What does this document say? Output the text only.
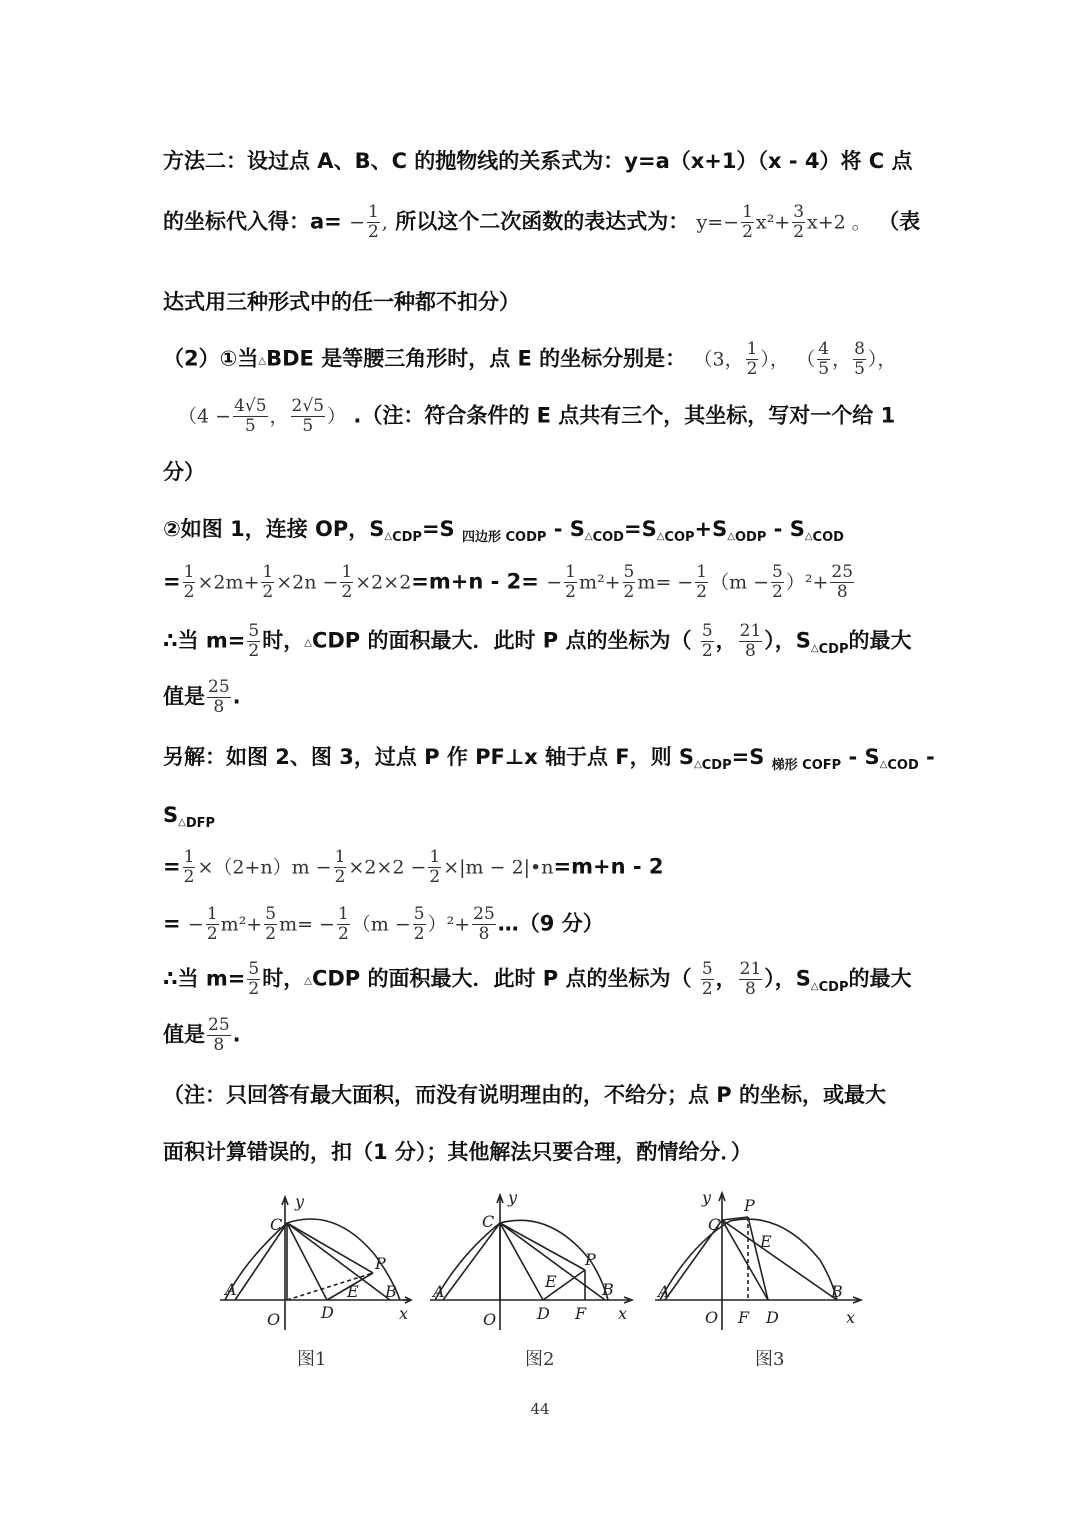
方法二：设过点 A、B、C 的抛物线的关系式为：y=a（x+1）（x - 4）将 C 点
的坐标代入得：$a= - \frac{1}{2}$ , 所以这个二次函数的表达式为： $y=- \frac{1}{2} x^2+ \frac{3}{2} x+2$ 。 （表
达式用三种形式中的任一种都不扣分）
（2）①当△BDE 是等腰三角形时，点 E 的坐标分别是： （3， $\frac{1}{2}$ ）， （ $\frac{4}{5}$ ， $\frac{8}{5}$ ），
（$4 - \frac{4√5}{5}$ ， $\frac{2√5}{5}$ ） .（注：符合条件的 E 点共有三个，其坐标，写对一个给 1
分）
②如图 1，连接 OP，$S_{\triangle CDP}=S$ $_{四边形 CODP} - S_{\triangle COD}=S_{\triangle COP}+S_{\triangle ODP} - S_{\triangle COD}$
= $\frac{1}{2} \times 2m+ \frac{1}{2} \times 2n - \frac{1}{2} \times 2\times 2=m+n - 2= - \frac{1}{2} m^2+ \frac{5}{2} m= - \frac{1}{2} (m - \frac{5}{2} )^2+ \frac{25}{8}$
∴当 $m= \frac{5}{2}$ 时，△CDP 的面积最大．此时 P 点的坐标为（ $\frac{5}{2}$ ， $\frac{21}{8}$ ），$S_{\triangle CDP}$的最大
值是 $\frac{25}{8}$ .
另解：如图 2、图 3，过点 P 作 PF⊥x 轴于点 F，则 $S_{\triangle CDP}=S$ $_{梯形 COFP} - S_{\triangle COD}$ -
$S_{\triangle DFP}$
= $\frac{1}{2} \times(2+n)m - \frac{1}{2} \times 2\times 2 - \frac{1}{2} \times|m$ − 2|•n=m+n - 2
= − $\frac{1}{2} m^2+ \frac{5}{2} m= - \frac{1}{2} (m - \frac{5}{2} )^2+ \frac{25}{8}$ …（9 分）
∴当 $m= \frac{5}{2}$ 时，△CDP 的面积最大．此时 P 点的坐标为（ $\frac{5}{2}$ ， $\frac{21}{8}$ ），$S_{\triangle CDP}$的最大
值是 $\frac{25}{8}$ .
（注：只回答有最大面积，而没有说明理由的，不给分；点 P 的坐标，或最大
面积计算错误的，扣（1 分）；其他解法只要合理，酌情给分．）
y
C
P
A	E B
O	D	x
图1
y
C
P
E
A	B
O	D F x
图2
y P
C
E
A	B
O F D	x
图3
44
